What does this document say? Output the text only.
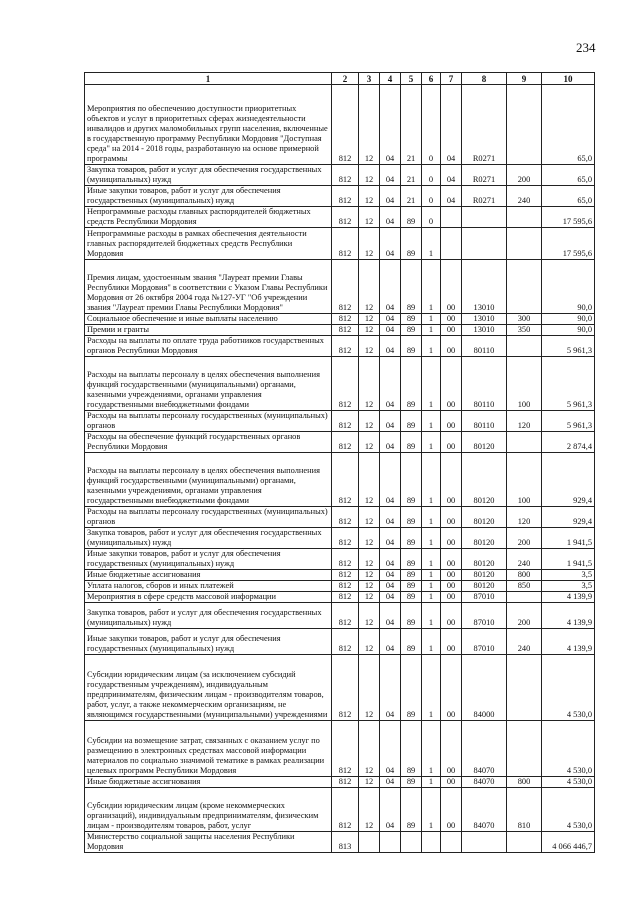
234
1	2	3	4	5	6	7	8	9	10
Мероприятия по обеспечению доступности приоритетных объектов и услуг в приоритетных сферах жизнедеятельности инвалидов и других маломобильных групп населения, включенные в государственную программу Республики Мордовия "Доступная среда" на 2014 - 2018 годы, разработанную на основе примерной программы	812	12	04	21	0	04	R0271		65,0
Закупка товаров, работ и услуг для обеспечения государственных (муниципальных) нужд	812	12	04	21	0	04	R0271	200	65,0
Иные закупки товаров, работ и услуг для обеспечения государственных (муниципальных) нужд	812	12	04	21	0	04	R0271	240	65,0
Непрограммные расходы главных распорядителей бюджетных средств Республики Мордовия	812	12	04	89	0				17 595,6
Непрограммные расходы в рамках обеспечения деятельности главных распорядителей бюджетных средств Республики Мордовия	812	12	04	89	1				17 595,6
Премия лицам, удостоенным звания "Лауреат премии Главы Республики Мордовия" в соответствии с Указом Главы Республики Мордовия от 26 октября 2004 года №127-УГ "Об учреждении звания "Лауреат премии Главы Республики Мордовия"	812	12	04	89	1	00	13010		90,0
Социальное обеспечение и иные выплаты населению	812	12	04	89	1	00	13010	300	90,0
Премии и гранты	812	12	04	89	1	00	13010	350	90,0
Расходы на выплаты по оплате труда работников государственных органов Республики Мордовия	812	12	04	89	1	00	80110		5 961,3
Расходы на выплаты персоналу в целях обеспечения выполнения функций государственными (муниципальными) органами, казенными учреждениями, органами управления государственными внебюджетными фондами	812	12	04	89	1	00	80110	100	5 961,3
Расходы на выплаты персоналу государственных (муниципальных) органов	812	12	04	89	1	00	80110	120	5 961,3
Расходы на обеспечение функций государственных органов Республики Мордовия	812	12	04	89	1	00	80120		2 874,4
Расходы на выплаты персоналу в целях обеспечения выполнения функций государственными (муниципальными) органами, казенными учреждениями, органами управления государственными внебюджетными фондами	812	12	04	89	1	00	80120	100	929,4
Расходы на выплаты персоналу государственных (муниципальных) органов	812	12	04	89	1	00	80120	120	929,4
Закупка товаров, работ и услуг для обеспечения государственных (муниципальных) нужд	812	12	04	89	1	00	80120	200	1 941,5
Иные закупки товаров, работ и услуг для обеспечения государственных (муниципальных) нужд	812	12	04	89	1	00	80120	240	1 941,5
Иные бюджетные ассигнования	812	12	04	89	1	00	80120	800	3,5
Уплата налогов, сборов и иных платежей	812	12	04	89	1	00	80120	850	3,5
Мероприятия в сфере средств массовой информации	812	12	04	89	1	00	87010		4 139,9
Закупка товаров, работ и услуг для обеспечения государственных (муниципальных) нужд	812	12	04	89	1	00	87010	200	4 139,9
Иные закупки товаров, работ и услуг для обеспечения государственных (муниципальных) нужд	812	12	04	89	1	00	87010	240	4 139,9
Субсидии юридическим лицам (за исключением субсидий государственным учреждениям), индивидуальным предпринимателям, физическим лицам - производителям товаров, работ, услуг, а также некоммерческим организациям, не являющимся государственными (муниципальными) учреждениями	812	12	04	89	1	00	84000		4 530,0
Субсидии на возмещение затрат, связанных с оказанием услуг по размещению в электронных средствах массовой информации материалов по социально значимой тематике в рамках реализации целевых программ Республики Мордовия	812	12	04	89	1	00	84070		4 530,0
Иные бюджетные ассигнования	812	12	04	89	1	00	84070	800	4 530,0
Субсидии юридическим лицам (кроме некоммерческих организаций), индивидуальным предпринимателям, физическим лицам - производителям товаров, работ, услуг	812	12	04	89	1	00	84070	810	4 530,0
Министерство социальной защиты населения Республики Мордовия	813								4 066 446,7
